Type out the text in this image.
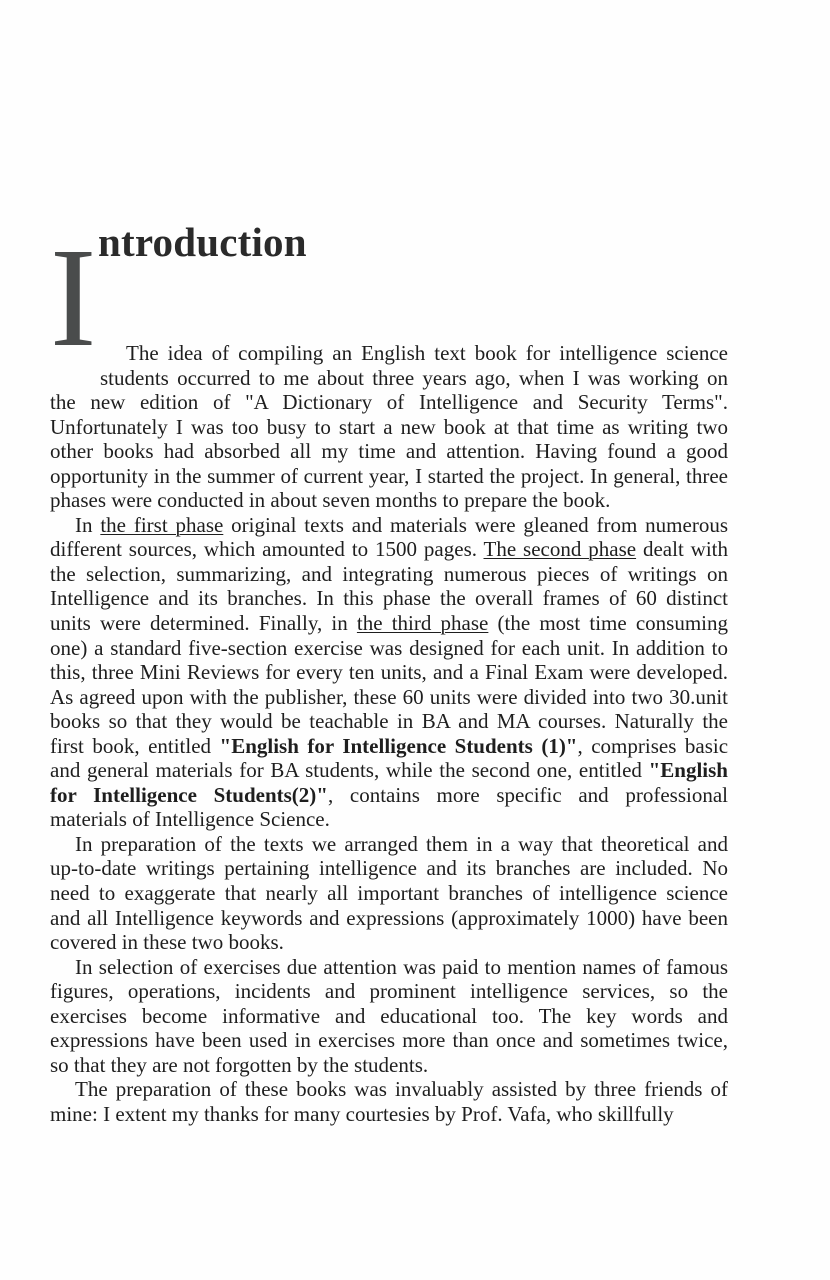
I ntroduction
The idea of compiling an English text book for intelligence science
students occurred to me about three years ago, when I was working on
the new edition of "A Dictionary of Intelligence and Security Terms".
Unfortunately I was too busy to start a new book at that time as writing two
other books had absorbed all my time and attention. Having found a good
opportunity in the summer of current year, I started the project. In general, three
phases were conducted in about seven months to prepare the book.
In the first phase original texts and materials were gleaned from numerous
different sources, which amounted to 1500 pages. The second phase dealt with
the selection, summarizing, and integrating numerous pieces of writings on
Intelligence and its branches. In this phase the overall frames of 60 distinct
units were determined. Finally, in the third phase (the most time consuming
one) a standard five-section exercise was designed for each unit. In addition to
this, three Mini Reviews for every ten units, and a Final Exam were developed.
As agreed upon with the publisher, these 60 units were divided into two 30.unit
books so that they would be teachable in BA and MA courses. Naturally the
first book, entitled "English for Intelligence Students (1)", comprises basic
and general materials for BA students, while the second one, entitled "English
for Intelligence Students(2)", contains more specific and professional
materials of Intelligence Science.
In preparation of the texts we arranged them in a way that theoretical and
up-to-date writings pertaining intelligence and its branches are included. No
need to exaggerate that nearly all important branches of intelligence science
and all Intelligence keywords and expressions (approximately 1000) have been
covered in these two books.
In selection of exercises due attention was paid to mention names of famous
figures, operations, incidents and prominent intelligence services, so the
exercises become informative and educational too. The key words and
expressions have been used in exercises more than once and sometimes twice,
so that they are not forgotten by the students.
The preparation of these books was invaluably assisted by three friends of
mine: I extent my thanks for many courtesies by Prof. Vafa, who skillfully
